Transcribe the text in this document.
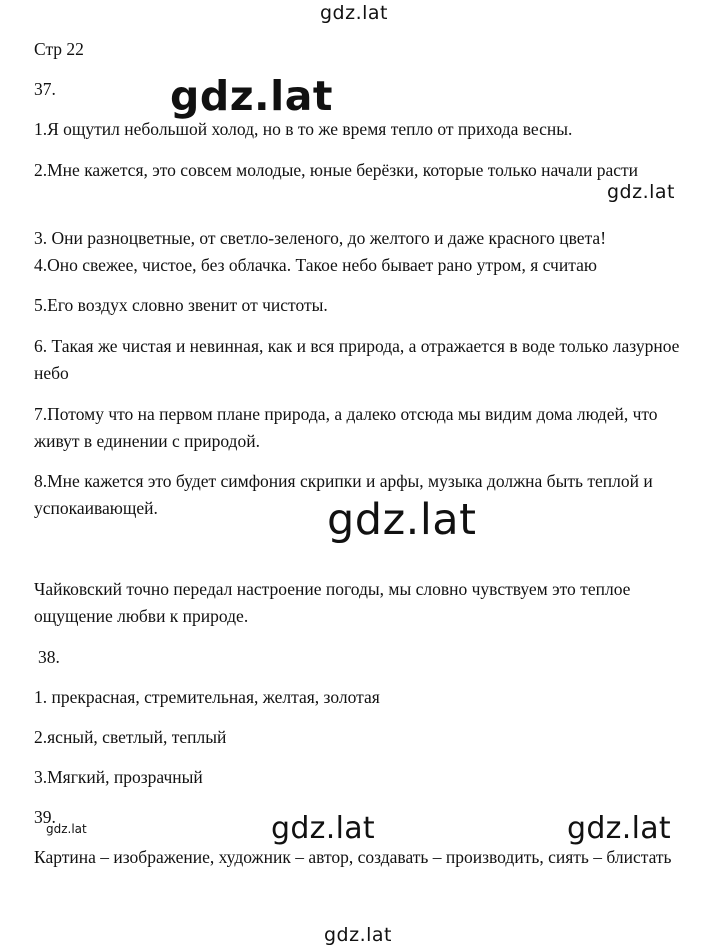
gdz.lat

Стр 22

37.	gdz.lat

1.Я ощутил небольшой холод, но в то же время тепло от прихода весны.

2.Мне кажется, это совсем молодые, юные берёзки, которые только начали расти

gdz.lat

3. Они разноцветные, от светло-зеленого, до желтого и даже красного цвета!

4.Оно свежее, чистое, без облачка. Такое небо бывает рано утром, я считаю

5.Его воздух словно звенит от чистоты.

6. Такая же чистая и невинная, как и вся природа, а отражается в воде только лазурное небо

7.Потому что на первом плане природа, а далеко отсюда мы видим дома людей, что живут в единении с природой.

8.Мне кажется это будет симфония скрипки и арфы, музыка должна быть теплой и успокаивающей.	gdz.lat

Чайковский точно передал настроение погоды, мы словно чувствуем это теплое ощущение любви к природе.

38.

1. прекрасная, стремительная, желтая, золотая

2.ясный, светлый, теплый

3.Мягкий, прозрачный

39.

gdz.lat	gdz.lat	gdz.lat

Картина – изображение, художник – автор, создавать – производить, сиять – блистать

gdz.lat
